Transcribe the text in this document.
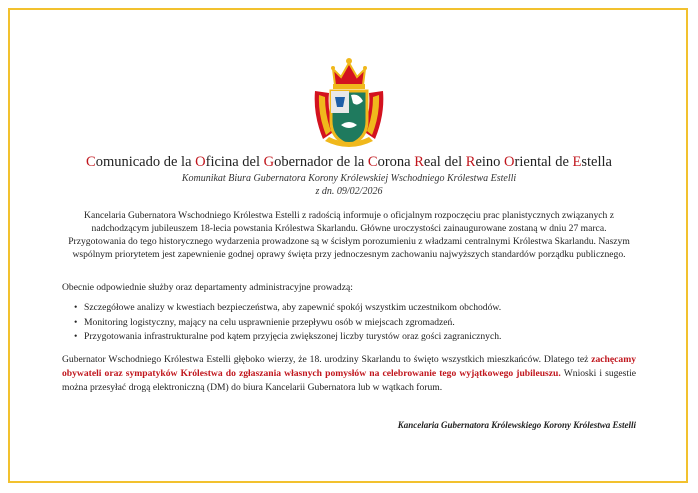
Comunicado de la Oficina del Gobernador de la Corona Real del Reino Oriental de Estella
Komunikat Biura Gubernatora Korony Królewskiej Wschodniego Królestwa Estelli
z dn. 09/02/2026
Kancelaria Gubernatora Wschodniego Królestwa Estelli z radością informuje o oficjalnym rozpoczęciu prac planistycznych związanych z nadchodzącym jubileuszem 18-lecia powstania Królestwa Skarlandu. Główne uroczystości zainaugurowane zostaną w dniu 27 marca. Przygotowania do tego historycznego wydarzenia prowadzone są w ścisłym porozumieniu z władzami centralnymi Królestwa Skarlandu. Naszym wspólnym priorytetem jest zapewnienie godnej oprawy święta przy jednoczesnym zachowaniu najwyższych standardów porządku publicznego.
Obecnie odpowiednie służby oraz departamenty administracyjne prowadzą:
• Szczegółowe analizy w kwestiach bezpieczeństwa, aby zapewnić spokój wszystkim uczestnikom obchodów.
• Monitoring logistyczny, mający na celu usprawnienie przepływu osób w miejscach zgromadzeń.
• Przygotowania infrastrukturalne pod kątem przyjęcia zwiększonej liczby turystów oraz gości zagranicznych.
Gubernator Wschodniego Królestwa Estelli głęboko wierzy, że 18. urodziny Skarlandu to święto wszystkich mieszkańców. Dlatego też zachęcamy obywateli oraz sympatyków Królestwa do zgłaszania własnych pomysłów na celebrowanie tego wyjątkowego jubileuszu. Wnioski i sugestie można przesyłać drogą elektroniczną (DM) do biura Kancelarii Gubernatora lub w wątkach forum.
Kancelaria Gubernatora Królewskiego Korony Królestwa Estelli
